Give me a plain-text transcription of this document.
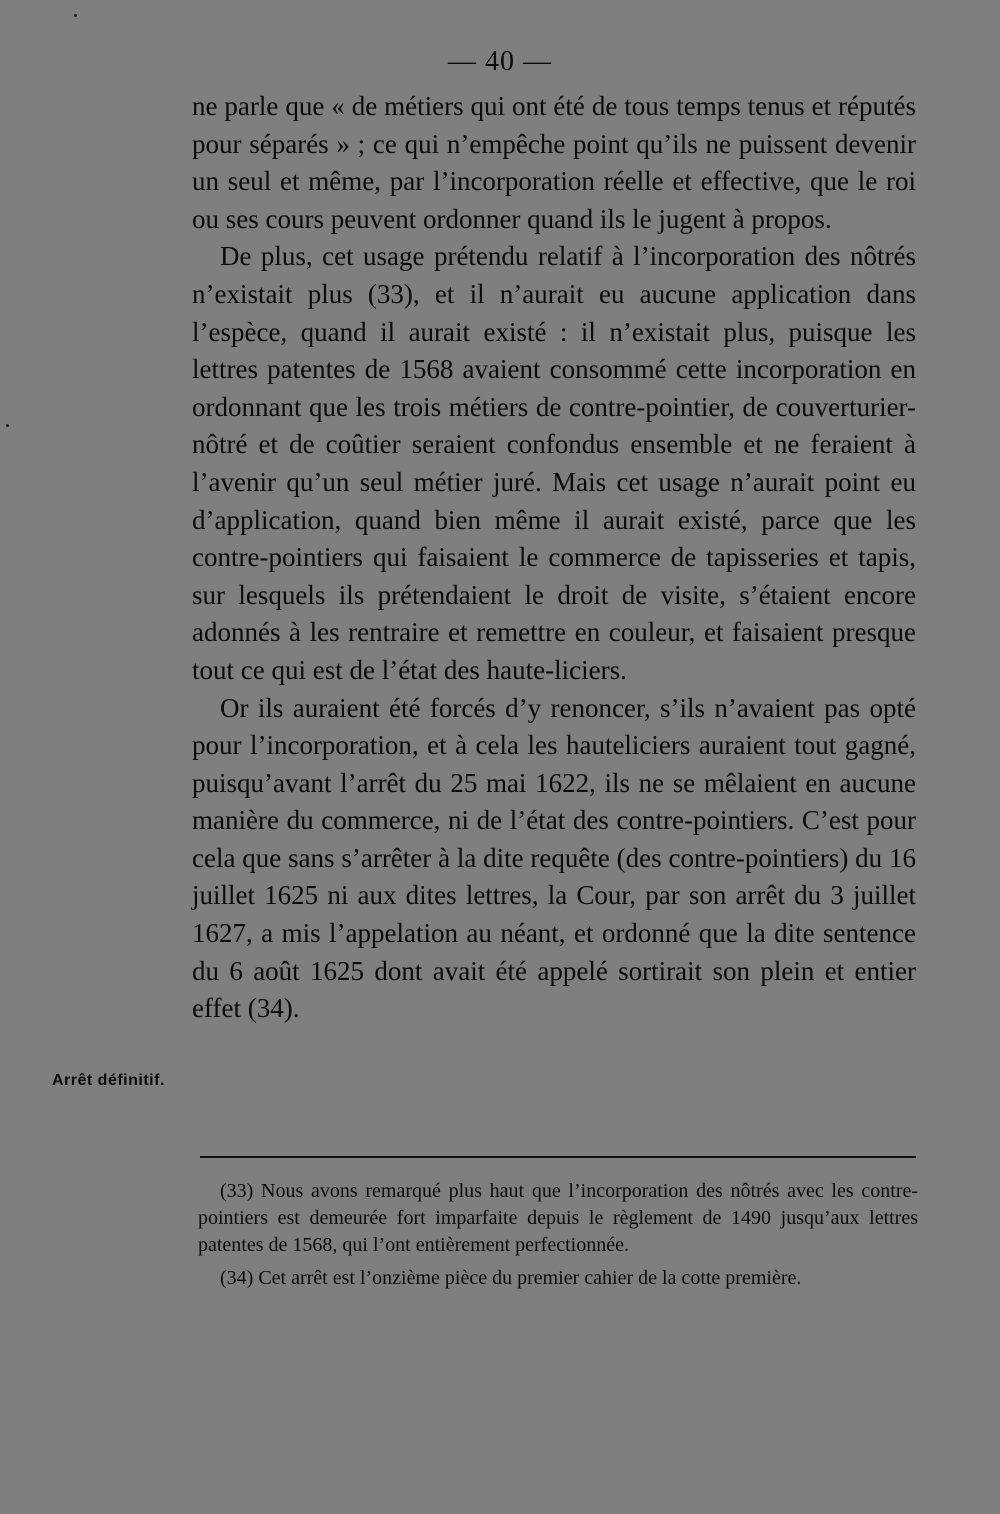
— 40 —

ne parle que « de métiers qui ont été de tous temps tenus et réputés pour séparés » ; ce qui n’empêche point qu’ils ne puissent devenir un seul et même, par l’incorporation réelle et effective, que le roi ou ses cours peuvent ordonner quand ils le jugent à propos.

De plus, cet usage prétendu relatif à l’incorporation des nôtrés n’existait plus (33), et il n’aurait eu aucune application dans l’espèce, quand il aurait existé : il n’existait plus, puisque les lettres patentes de 1568 avaient consommé cette incorporation en ordonnant que les trois métiers de contre-pointier, de couverturier-nôtré et de coûtier seraient confondus ensemble et ne feraient à l’avenir qu’un seul métier juré. Mais cet usage n’aurait point eu d’application, quand bien même il aurait existé, parce que les contre-pointiers qui faisaient le commerce de tapisseries et tapis, sur lesquels ils prétendaient le droit de visite, s’étaient encore adonnés à les rentraire et remettre en couleur, et faisaient presque tout ce qui est de l’état des haute-liciers.

Or ils auraient été forcés d’y renoncer, s’ils n’avaient pas opté pour l’incorporation, et à cela les hauteliciers auraient tout gagné, puisqu’avant l’arrêt du 25 mai 1622, ils ne se mêlaient en aucune manière du commerce, ni de l’état des contre-pointiers. C’est pour cela que sans s’arrêter à la dite requête (des contre-pointiers) du 16 juillet 1625 ni aux dites lettres, la Cour, par son arrêt du 3 juillet 1627, a mis l’appelation au néant, et ordonné que la dite sentence du 6 août 1625 dont avait été appelé sortirait son plein et entier effet (34).

Arrêt définitif.

(33) Nous avons remarqué plus haut que l’incorporation des nôtrés avec les contre-pointiers est demeurée fort imparfaite depuis le règlement de 1490 jusqu’aux lettres patentes de 1568, qui l’ont entièrement perfectionnée.

(34) Cet arrêt est l’onzième pièce du premier cahier de la cotte première.
